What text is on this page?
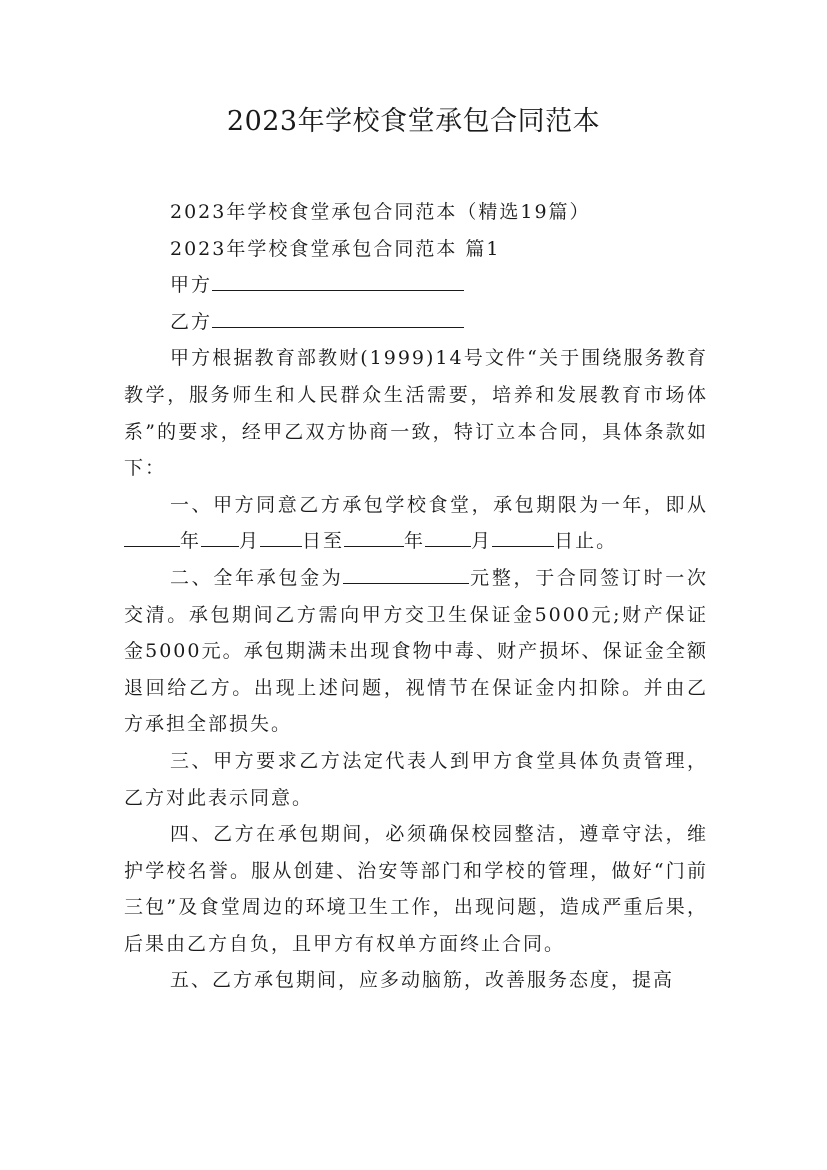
2023年学校食堂承包合同范本

2023年学校食堂承包合同范本（精选19篇）

2023年学校食堂承包合同范本 篇1

甲方

乙方

甲方根据教育部教财(1999)14号文件“关于围绕服务教育教学，服务师生和人民群众生活需要，培养和发展教育市场体系”的要求，经甲乙双方协商一致，特订立本合同，具体条款如下：

一、甲方同意乙方承包学校食堂，承包期限为一年，即从年 月 日至	年 月	日止。

二、全年承包金为	元整，于合同签订时一次交清。承包期间乙方需向甲方交卫生保证金5000元;财产保证金5000元。承包期满未出现食物中毒、财产损坏、保证金全额退回给乙方。出现上述问题，视情节在保证金内扣除。并由乙方承担全部损失。

三、甲方要求乙方法定代表人到甲方食堂具体负责管理，乙方对此表示同意。

四、乙方在承包期间，必须确保校园整洁，遵章守法，维护学校名誉。服从创建、治安等部门和学校的管理，做好“门前三包”及食堂周边的环境卫生工作，出现问题，造成严重后果，后果由乙方自负，且甲方有权单方面终止合同。

五、乙方承包期间，应多动脑筋，改善服务态度，提高
